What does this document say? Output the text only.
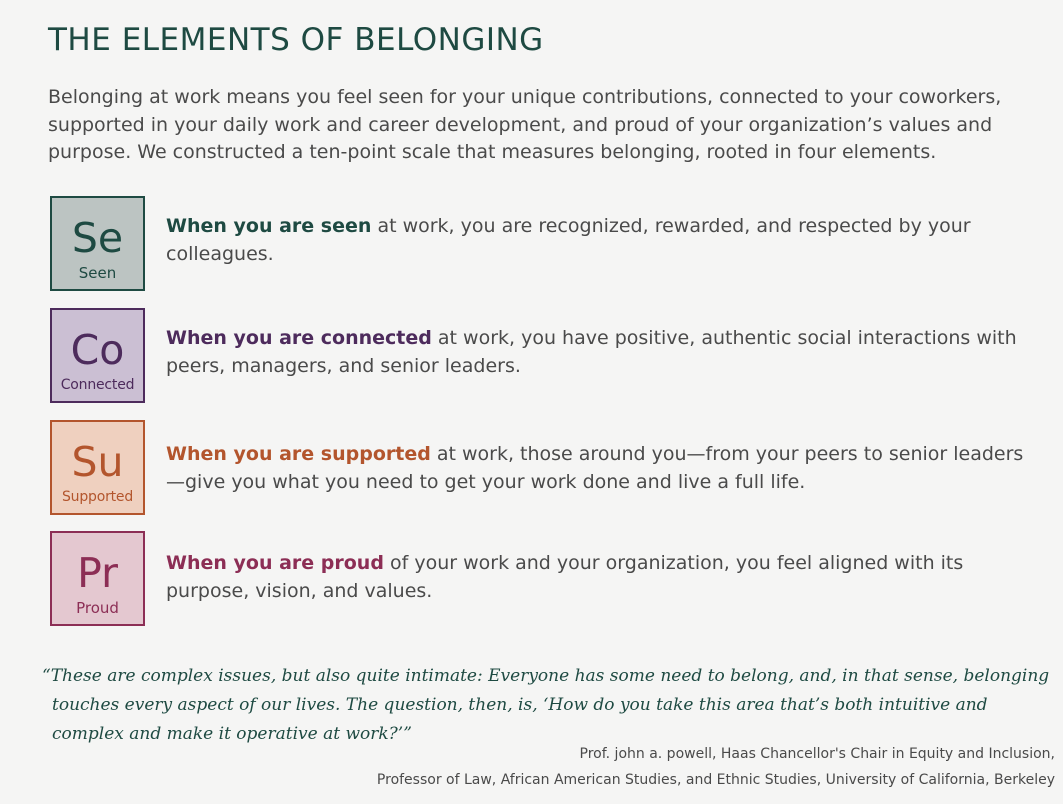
THE ELEMENTS OF BELONGING

Belonging at work means you feel seen for your unique contributions, connected to your coworkers, supported in your daily work and career development, and proud of your organization’s values and purpose. We constructed a ten-point scale that measures belonging, rooted in four elements.

Se
Seen

When you are seen at work, you are recognized, rewarded, and respected by your colleagues.

Co
Connected

When you are connected at work, you have positive, authentic social interactions with peers, managers, and senior leaders.

Su
Supported

When you are supported at work, those around you—from your peers to senior leaders—give you what you need to get your work done and live a full life.

Pr
Proud

When you are proud of your work and your organization, you feel aligned with its purpose, vision, and values.

“These are complex issues, but also quite intimate: Everyone has some need to belong, and, in that sense, belonging touches every aspect of our lives. The question, then, is, ‘How do you take this area that’s both intuitive and complex and make it operative at work?’”

Prof. john a. powell, Haas Chancellor's Chair in Equity and Inclusion,
Professor of Law, African American Studies, and Ethnic Studies, University of California, Berkeley
